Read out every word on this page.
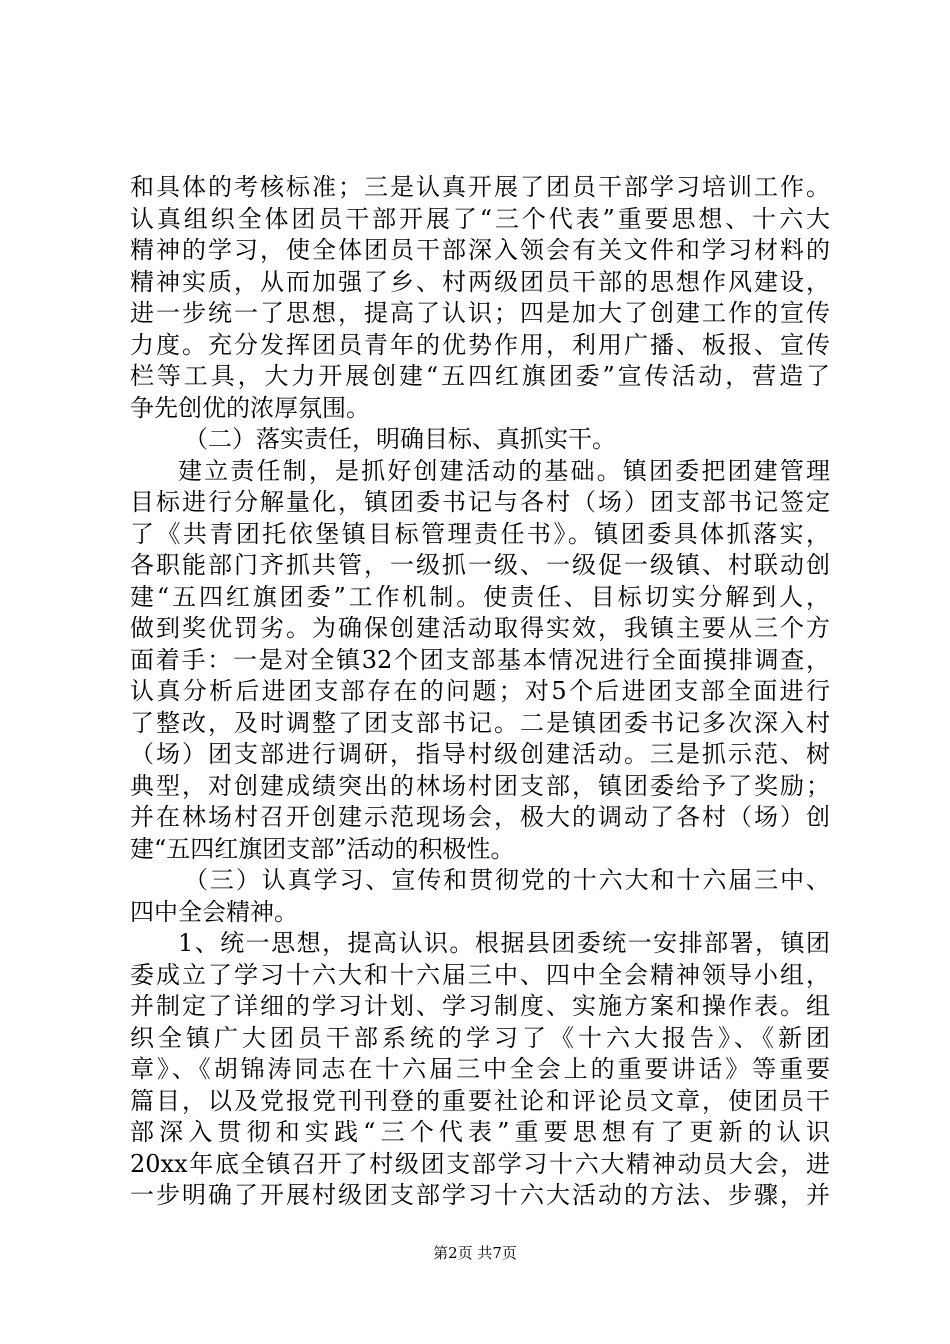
和具体的考核标准；三是认真开展了团员干部学习培训工作。
认真组织全体团员干部开展了“三个代表”重要思想、十六大
精神的学习，使全体团员干部深入领会有关文件和学习材料的
精神实质，从而加强了乡、村两级团员干部的思想作风建设，
进一步统一了思想，提高了认识；四是加大了创建工作的宣传
力度。充分发挥团员青年的优势作用，利用广播、板报、宣传
栏等工具，大力开展创建“五四红旗团委”宣传活动，营造了
争先创优的浓厚氛围。
（二）落实责任，明确目标、真抓实干。
建立责任制，是抓好创建活动的基础。镇团委把团建管理
目标进行分解量化，镇团委书记与各村（场）团支部书记签定
了《共青团托依堡镇目标管理责任书》。镇团委具体抓落实，
各职能部门齐抓共管，一级抓一级、一级促一级镇、村联动创
建“五四红旗团委”工作机制。使责任、目标切实分解到人，
做到奖优罚劣。为确保创建活动取得实效，我镇主要从三个方
面着手：一是对全镇32个团支部基本情况进行全面摸排调查，
认真分析后进团支部存在的问题；对5个后进团支部全面进行
了整改，及时调整了团支部书记。二是镇团委书记多次深入村
（场）团支部进行调研，指导村级创建活动。三是抓示范、树
典型，对创建成绩突出的林场村团支部，镇团委给予了奖励；
并在林场村召开创建示范现场会，极大的调动了各村（场）创
建“五四红旗团支部”活动的积极性。
（三）认真学习、宣传和贯彻党的十六大和十六届三中、
四中全会精神。
1、统一思想，提高认识。根据县团委统一安排部署，镇团
委成立了学习十六大和十六届三中、四中全会精神领导小组，
并制定了详细的学习计划、学习制度、实施方案和操作表。组
织全镇广大团员干部系统的学习了《十六大报告》、《新团
章》、《胡锦涛同志在十六届三中全会上的重要讲话》等重要
篇目，以及党报党刊刊登的重要社论和评论员文章，使团员干
部深入贯彻和实践“三个代表”重要思想有了更新的认识
20xx年底全镇召开了村级团支部学习十六大精神动员大会，进
一步明确了开展村级团支部学习十六大活动的方法、步骤，并
第2页 共7页
